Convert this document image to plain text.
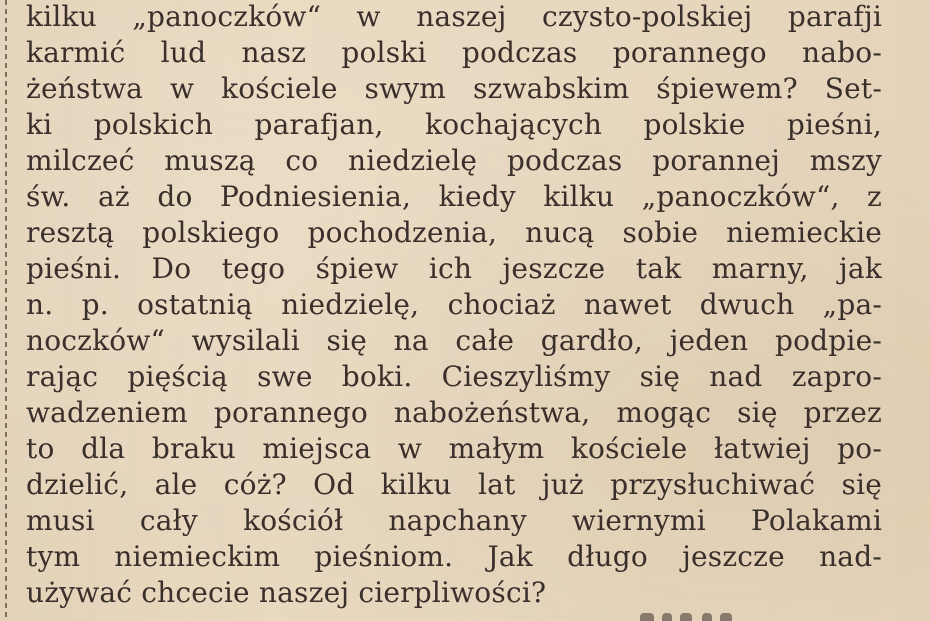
kilku „panoczków“ w naszej czysto-polskiej parafji
karmić lud nasz polski podczas porannego nabo-
żeństwa w kościele swym szwabskim śpiewem? Set-
ki polskich parafjan, kochających polskie pieśni,
milczeć muszą co niedzielę podczas porannej mszy
św. aż do Podniesienia, kiedy kilku „panoczków“, z
resztą polskiego pochodzenia, nucą sobie niemieckie
pieśni. Do tego śpiew ich jeszcze tak marny, jak
n. p. ostatnią niedzielę, chociaż nawet dwuch „pa-
noczków“ wysilali się na całe gardło, jeden podpie-
rając pięścią swe boki. Cieszyliśmy się nad zapro-
wadzeniem porannego nabożeństwa, mogąc się przez
to dla braku miejsca w małym kościele łatwiej po-
dzielić, ale cóż? Od kilku lat już przysłuchiwać się
musi cały kościół napchany wiernymi Polakami
tym niemieckim pieśniom. Jak długo jeszcze nad-
używać chcecie naszej cierpliwości?
